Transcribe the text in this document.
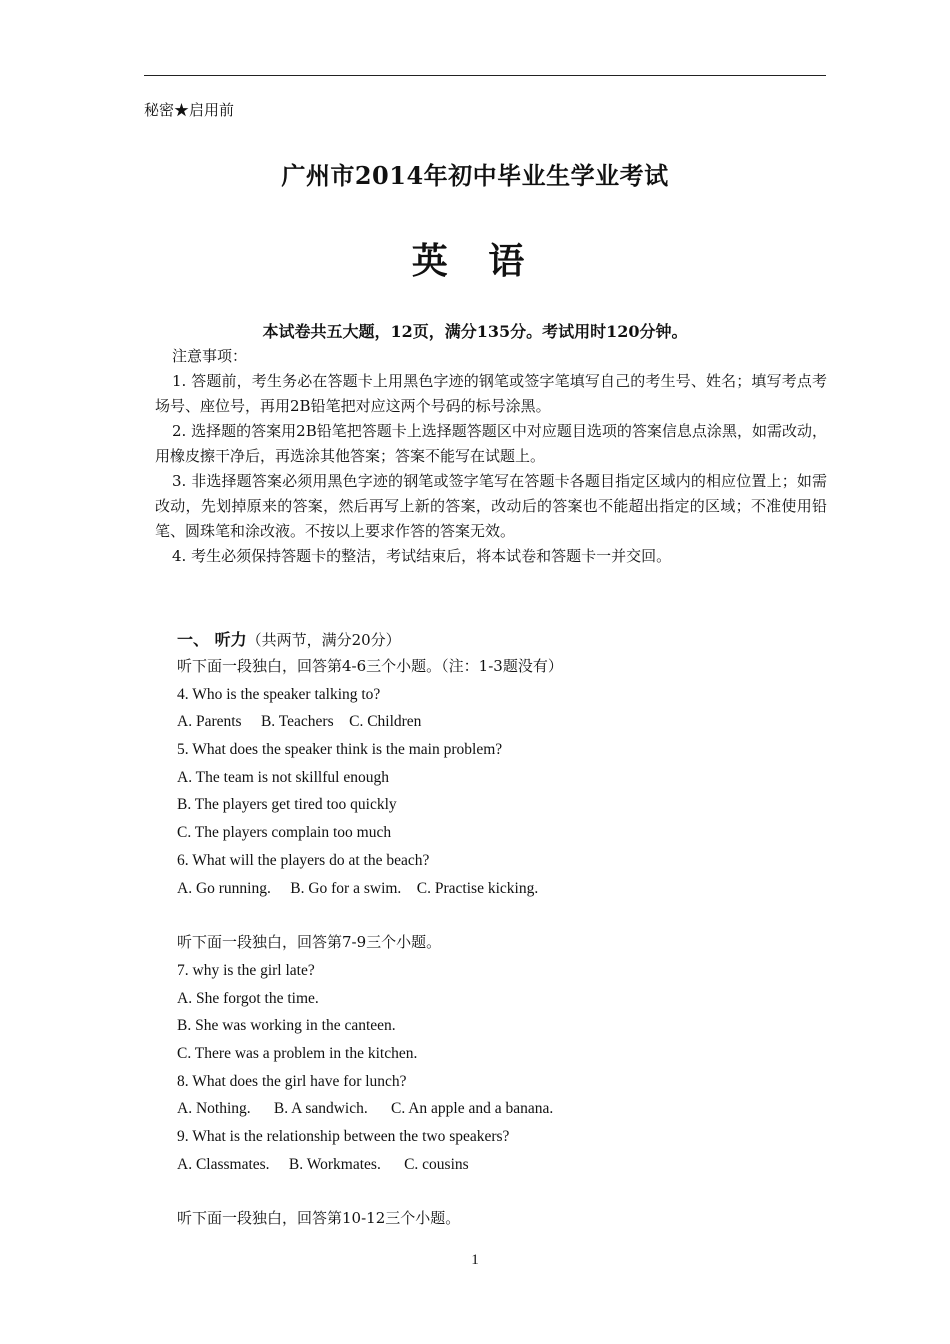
秘密★启用前
广州市2014年初中毕业生学业考试
英 语
本试卷共五大题，12页，满分135分。考试用时120分钟。

注意事项：

1. 答题前，考生务必在答题卡上用黑色字迹的钢笔或签字笔填写自己的考生号、姓名；填写考点考场号、座位号，再用2B铅笔把对应这两个号码的标号涂黑。

2. 选择题的答案用2B铅笔把答题卡上选择题答题区中对应题目选项的答案信息点涂黑，如需改动，用橡皮擦干净后，再选涂其他答案；答案不能写在试题上。

3. 非选择题答案必须用黑色字迹的钢笔或签字笔写在答题卡各题目指定区域内的相应位置上；如需改动，先划掉原来的答案，然后再写上新的答案，改动后的答案也不能超出指定的区域；不准使用铅笔、圆珠笔和涂改液。不按以上要求作答的答案无效。

4. 考生必须保持答题卡的整洁，考试结束后，将本试卷和答题卡一并交回。

一、 听力（共两节，满分20分）
听下面一段独白，回答第4-6三个小题。（注：1-3题没有）
4. Who is the speaker talking to?
A. Parents     B. Teachers    C. Children
5. What does the speaker think is the main problem?
A. The team is not skillful enough
B. The players get tired too quickly
C. The players complain too much
6. What will the players do at the beach?
A. Go running.     B. Go for a swim.    C. Practise kicking.
听下面一段独白，回答第7-9三个小题。
7. why is the girl late?
A. She forgot the time.
B. She was working in the canteen.
C. There was a problem in the kitchen.
8. What does the girl have for lunch?
A. Nothing.      B. A sandwich.      C. An apple and a banana.
9. What is the relationship between the two speakers?
A. Classmates.     B. Workmates.      C. cousins
听下面一段独白，回答第10-12三个小题。
1
